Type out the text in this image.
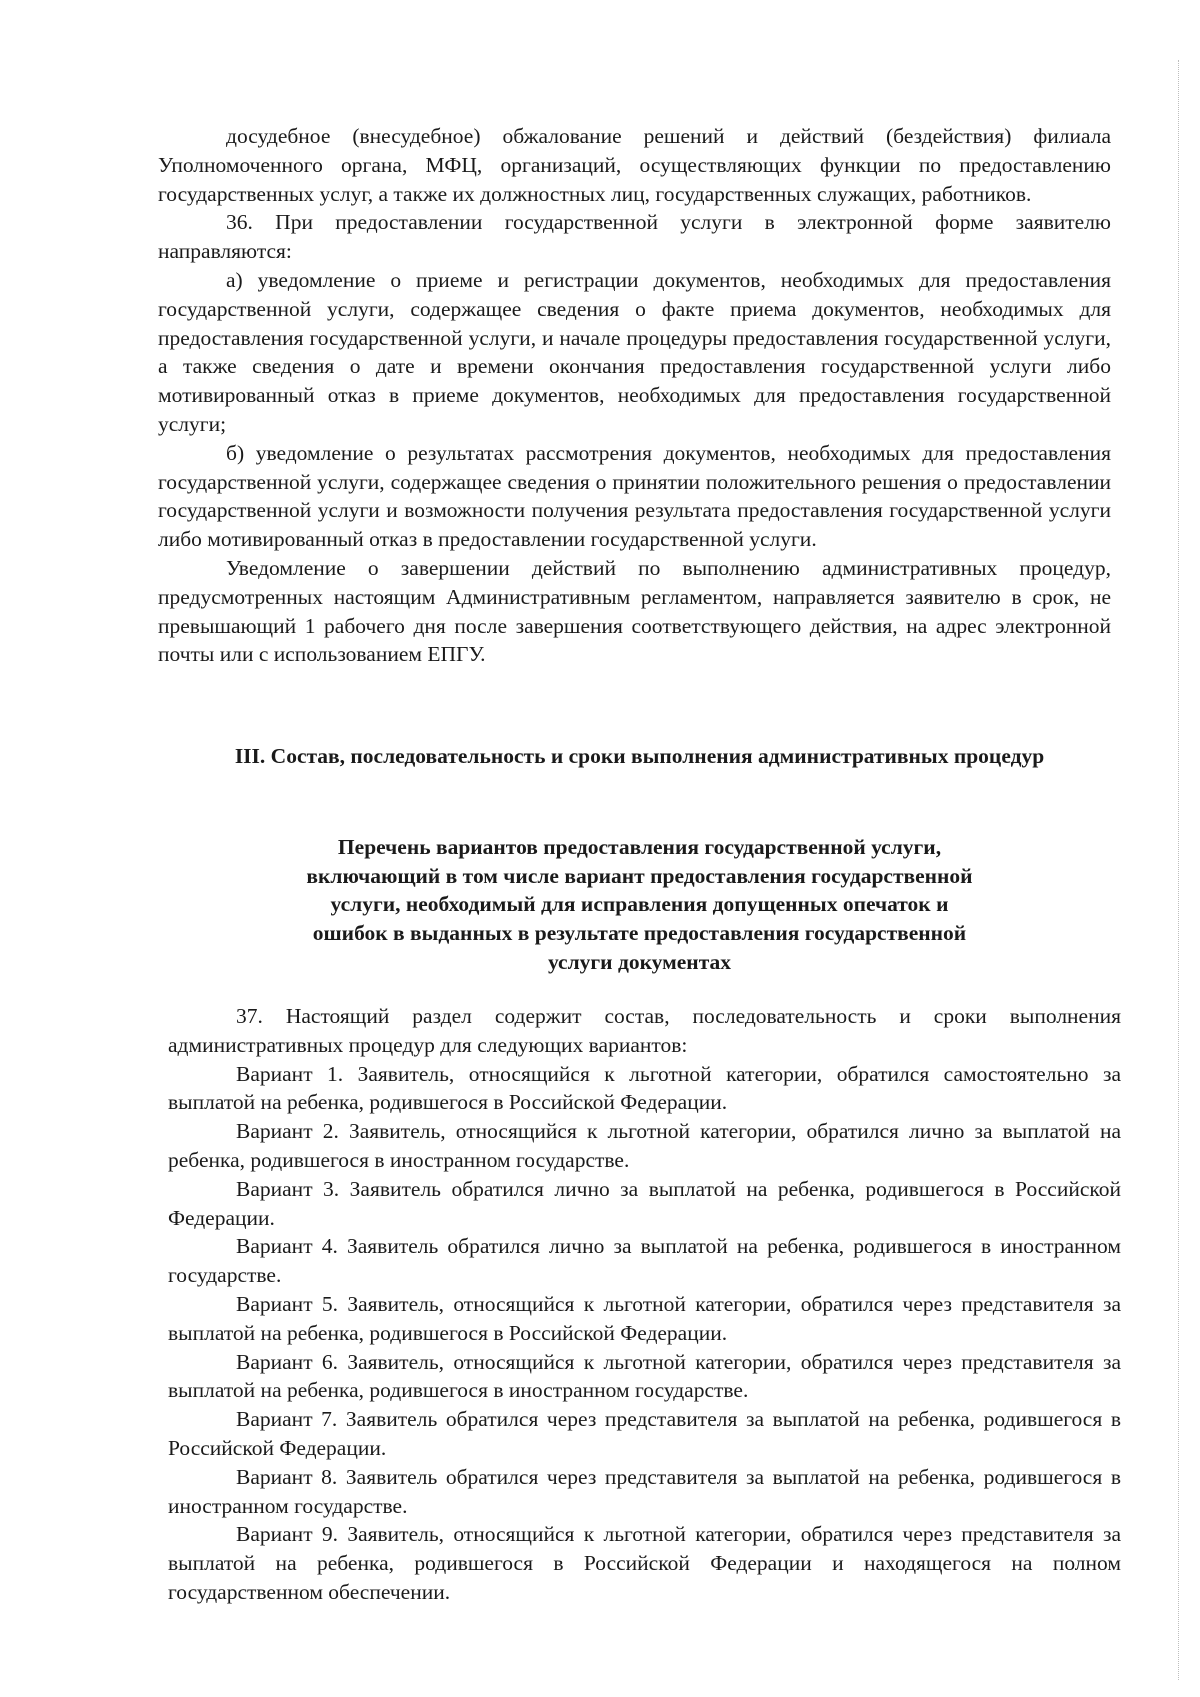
досудебное (внесудебное) обжалование решений и действий (бездействия) филиала Уполномоченного органа, МФЦ, организаций, осуществляющих функции по предоставлению государственных услуг, а также их должностных лиц, государственных служащих, работников.

36. При предоставлении государственной услуги в электронной форме заявителю направляются:

а) уведомление о приеме и регистрации документов, необходимых для предоставления государственной услуги, содержащее сведения о факте приема документов, необходимых для предоставления государственной услуги, и начале процедуры предоставления государственной услуги, а также сведения о дате и времени окончания предоставления государственной услуги либо мотивированный отказ в приеме документов, необходимых для предоставления государственной услуги;

б) уведомление о результатах рассмотрения документов, необходимых для предоставления государственной услуги, содержащее сведения о принятии положительного решения о предоставлении государственной услуги и возможности получения результата предоставления государственной услуги либо мотивированный отказ в предоставлении государственной услуги.

Уведомление о завершении действий по выполнению административных процедур, предусмотренных настоящим Административным регламентом, направляется заявителю в срок, не превышающий 1 рабочего дня после завершения соответствующего действия, на адрес электронной почты или с использованием ЕПГУ.

III. Состав, последовательность и сроки выполнения административных процедур
Перечень вариантов предоставления государственной услуги, включающий в том числе вариант предоставления государственной услуги, необходимый для исправления допущенных опечаток и ошибок в выданных в результате предоставления государственной услуги документах

37. Настоящий раздел содержит состав, последовательность и сроки выполнения административных процедур для следующих вариантов:

Вариант 1. Заявитель, относящийся к льготной категории, обратился самостоятельно за выплатой на ребенка, родившегося в Российской Федерации.

Вариант 2. Заявитель, относящийся к льготной категории, обратился лично за выплатой на ребенка, родившегося в иностранном государстве.

Вариант 3. Заявитель обратился лично за выплатой на ребенка, родившегося в Российской Федерации.

Вариант 4. Заявитель обратился лично за выплатой на ребенка, родившегося в иностранном государстве.

Вариант 5. Заявитель, относящийся к льготной категории, обратился через представителя за выплатой на ребенка, родившегося в Российской Федерации.

Вариант 6. Заявитель, относящийся к льготной категории, обратился через представителя за выплатой на ребенка, родившегося в иностранном государстве.

Вариант 7. Заявитель обратился через представителя за выплатой на ребенка, родившегося в Российской Федерации.

Вариант 8. Заявитель обратился через представителя за выплатой на ребенка, родившегося в иностранном государстве.

Вариант 9. Заявитель, относящийся к льготной категории, обратился через представителя за выплатой на ребенка, родившегося в Российской Федерации и находящегося на полном государственном обеспечении.
